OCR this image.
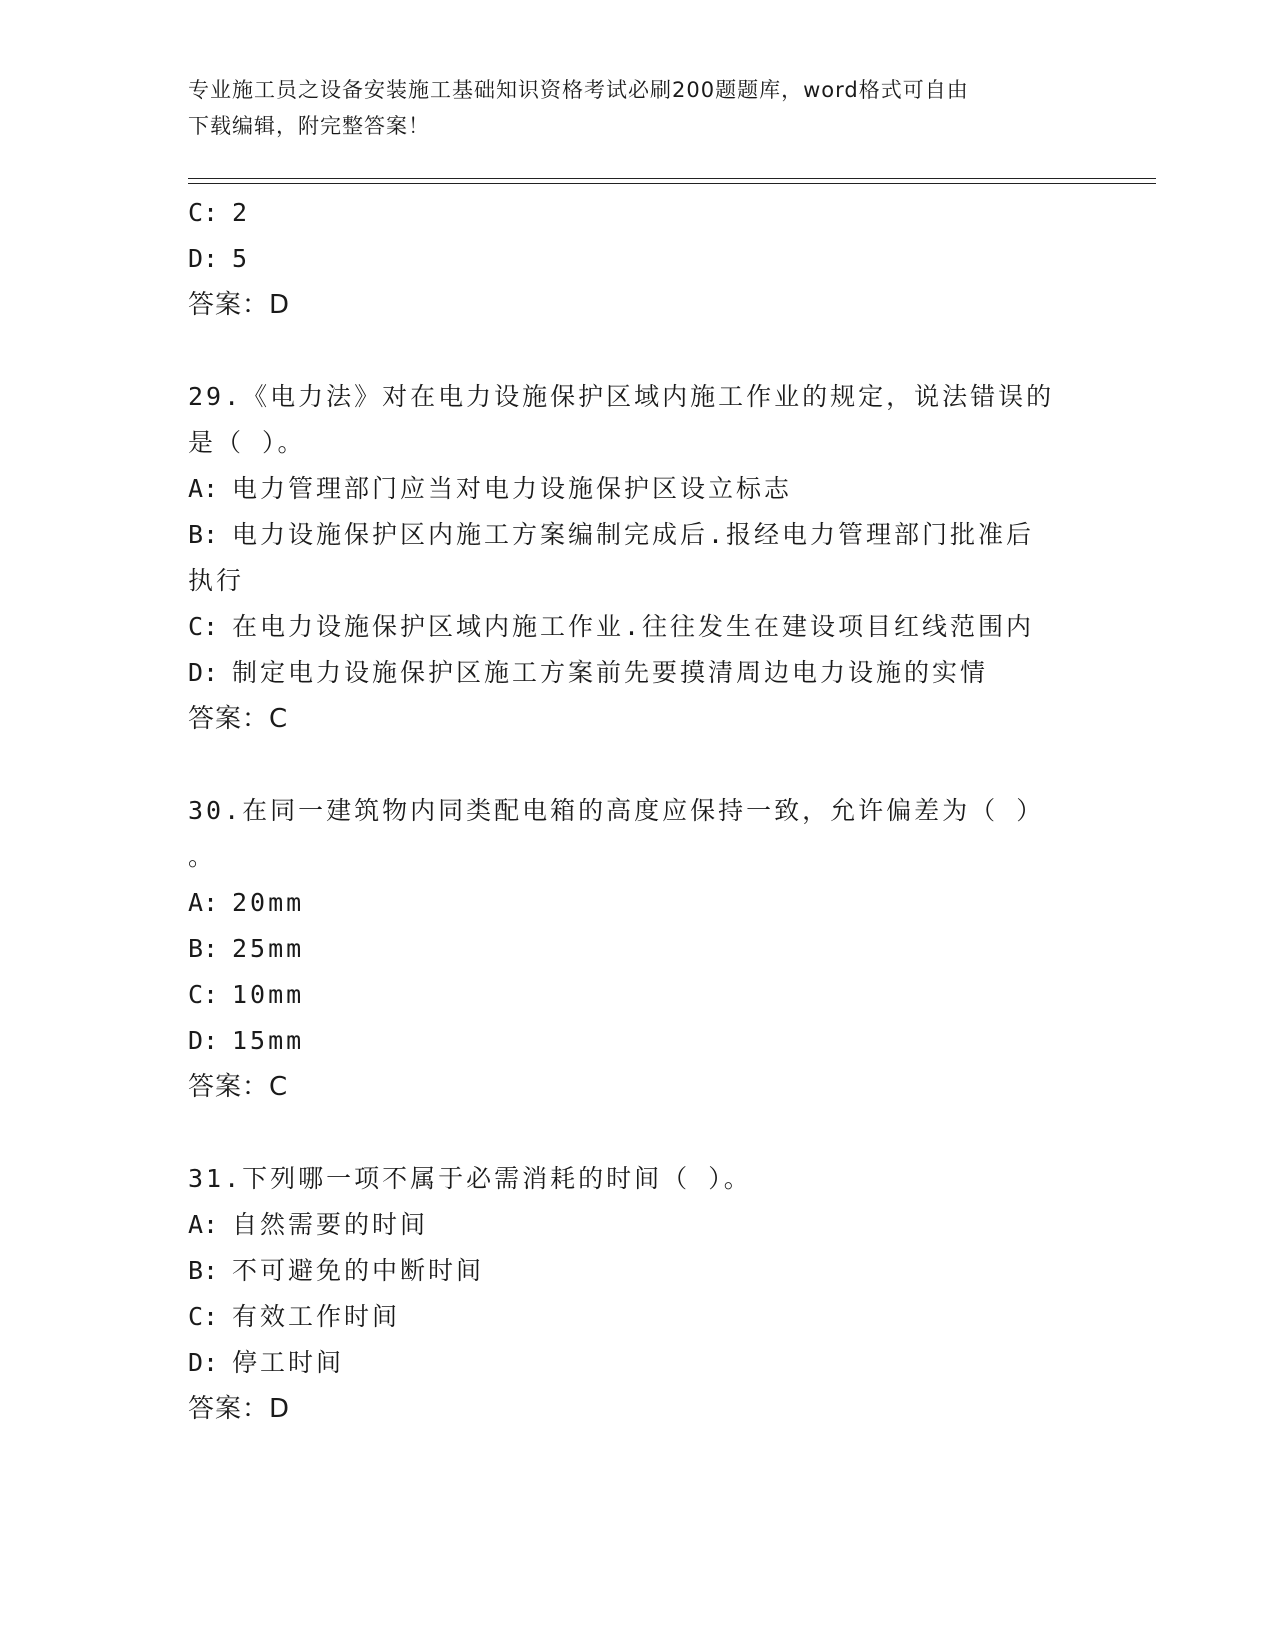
专业施工员之设备安装施工基础知识资格考试必刷200题题库，word格式可自由
下载编辑，附完整答案！
C: 2
D: 5
答案：D
29.《电力法》对在电力设施保护区域内施工作业的规定，说法错误的
是（ ）。
A: 电力管理部门应当对电力设施保护区设立标志
B: 电力设施保护区内施工方案编制完成后.报经电力管理部门批准后
执行
C: 在电力设施保护区域内施工作业.往往发生在建设项目红线范围内
D: 制定电力设施保护区施工方案前先要摸清周边电力设施的实情
答案：C
30.在同一建筑物内同类配电箱的高度应保持一致，允许偏差为（ ）
。
A: 20mm
B: 25mm
C: 10mm
D: 15mm
答案：C
31.下列哪一项不属于必需消耗的时间（ ）。
A: 自然需要的时间
B: 不可避免的中断时间
C: 有效工作时间
D: 停工时间
答案：D
